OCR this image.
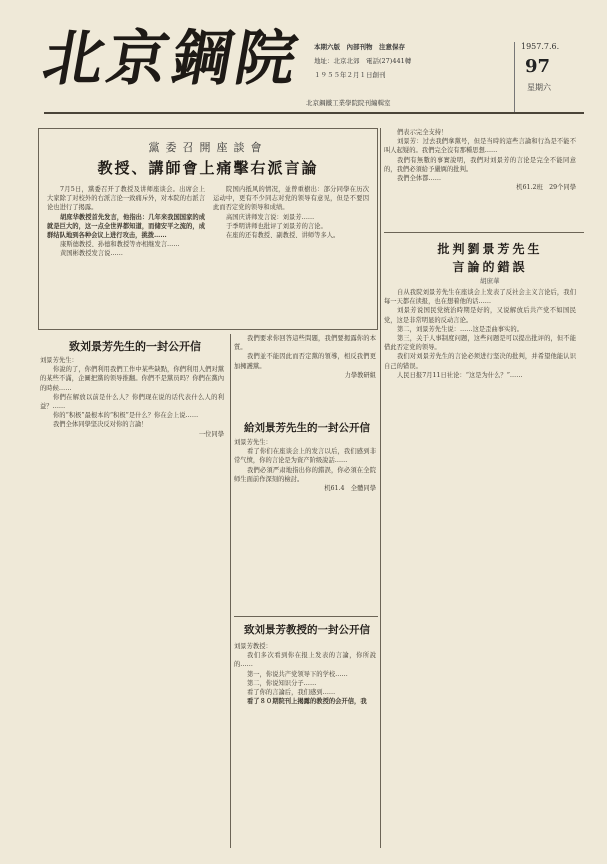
北京鋼院 本期六版　內部刊物　注意保存
地址：北京北郊　電話(27)441轉
１９５５年２月１日創刊
1957.7.6.
97
星期六
北京鋼鐵工業學院院刊編輯室
黨委召開座談會
教授、講師會上痛擊右派言論

7月5日，黨委召开了教授及讲师座谈会。出席会上大家除了对校外的右派言论一致痛斥外，对本院的右派言论也进行了揭露。

胡庶华教授首先发言，他指出：几年来我国国家的成就是巨大的，这一点全世界都知道，而储安平之流的，成群结队地到各种会议上进行攻击，挑拨……

康斯德教授、孙德和教授等亦相继发言……

黄国彬教授发言说……

院国内抵风的情况，並曾重樹出：部分同學在历次运动中，更有不少同志对党的领导有意见，但是不要因此而否定党的领导和成绩。

高国庆讲师发言说：刘景芳……

于季明讲师也批评了刘景芳的言论。

在座的还有教授、副教授、讲师等多人。

們表示完全支持！

刘景芳：过去我們拿黨号，但是当時的這些言論和行為是不能不叫人起疑的。我們完全沒有那種思想……

我們有無數的事實說明，我們对刘景芳的言论是完全不能同意的，我們必須給予嚴厲的批判。

我們全体都……

机61.2班　29个同學

批判劉景芳先生
言論的錯誤
胡庶華

自从我院刘景芳先生在座谈会上发表了反社会主义言论后，我们每一天都在读报，也在想着他的话……

刘景芳说国民党统治時期是好的，又说解放后共产党不如国民党，这是非常明显的反动言论。

第二，刘景芳先生说：……这是歪曲事实的。

第三，关于人事制度问题，这些问题是可以提出批评的，但不能借此否定党的领导。

我们对刘景芳先生的言论必须进行坚决的批判，并希望他能认识自己的错误。

人民日报7月11日社论：“这是为什么？”……

致刘景芳先生的一封公开信

刘景芳先生：

你說的了，你們利用我們工作中某些缺點，你們利用人們对黨的某些不滿，企圖把黨的领导推翻。你們不是黨员吗？你們在黨內的時候……

你們在解放以前是什么人？你們现在说的话代表什么人的利益？……

你的“积极”最根本的“积极”是什么？你在会上说……

我們全体同學坚决反对你的言論！

一位同學

我們要求你回答這些問題，我們要揭露你的本質。

我們並不能因此而否定黨的領導，相反我們更加擁護黨。

力學教研組

給刘景芳先生的一封公开信

刘景芳先生：

看了你们在座谈会上的发言以后，我们感到非常气愤，你的言论是为資产阶级說話……

我們必須严肃地指出你的錯誤，你必須在全院师生面前作深刻的檢討。

机61.4　全體同學

致刘景芳教授的一封公开信

刘景芳教授：

我们多次看到你在报上发表的言論，你所說的……

第一，你说共产党领导下的学校……

第二，你说知识分子……

看了你的言論后，我们感到……

看了８０期院刊上揭露的教授的会开信，我
